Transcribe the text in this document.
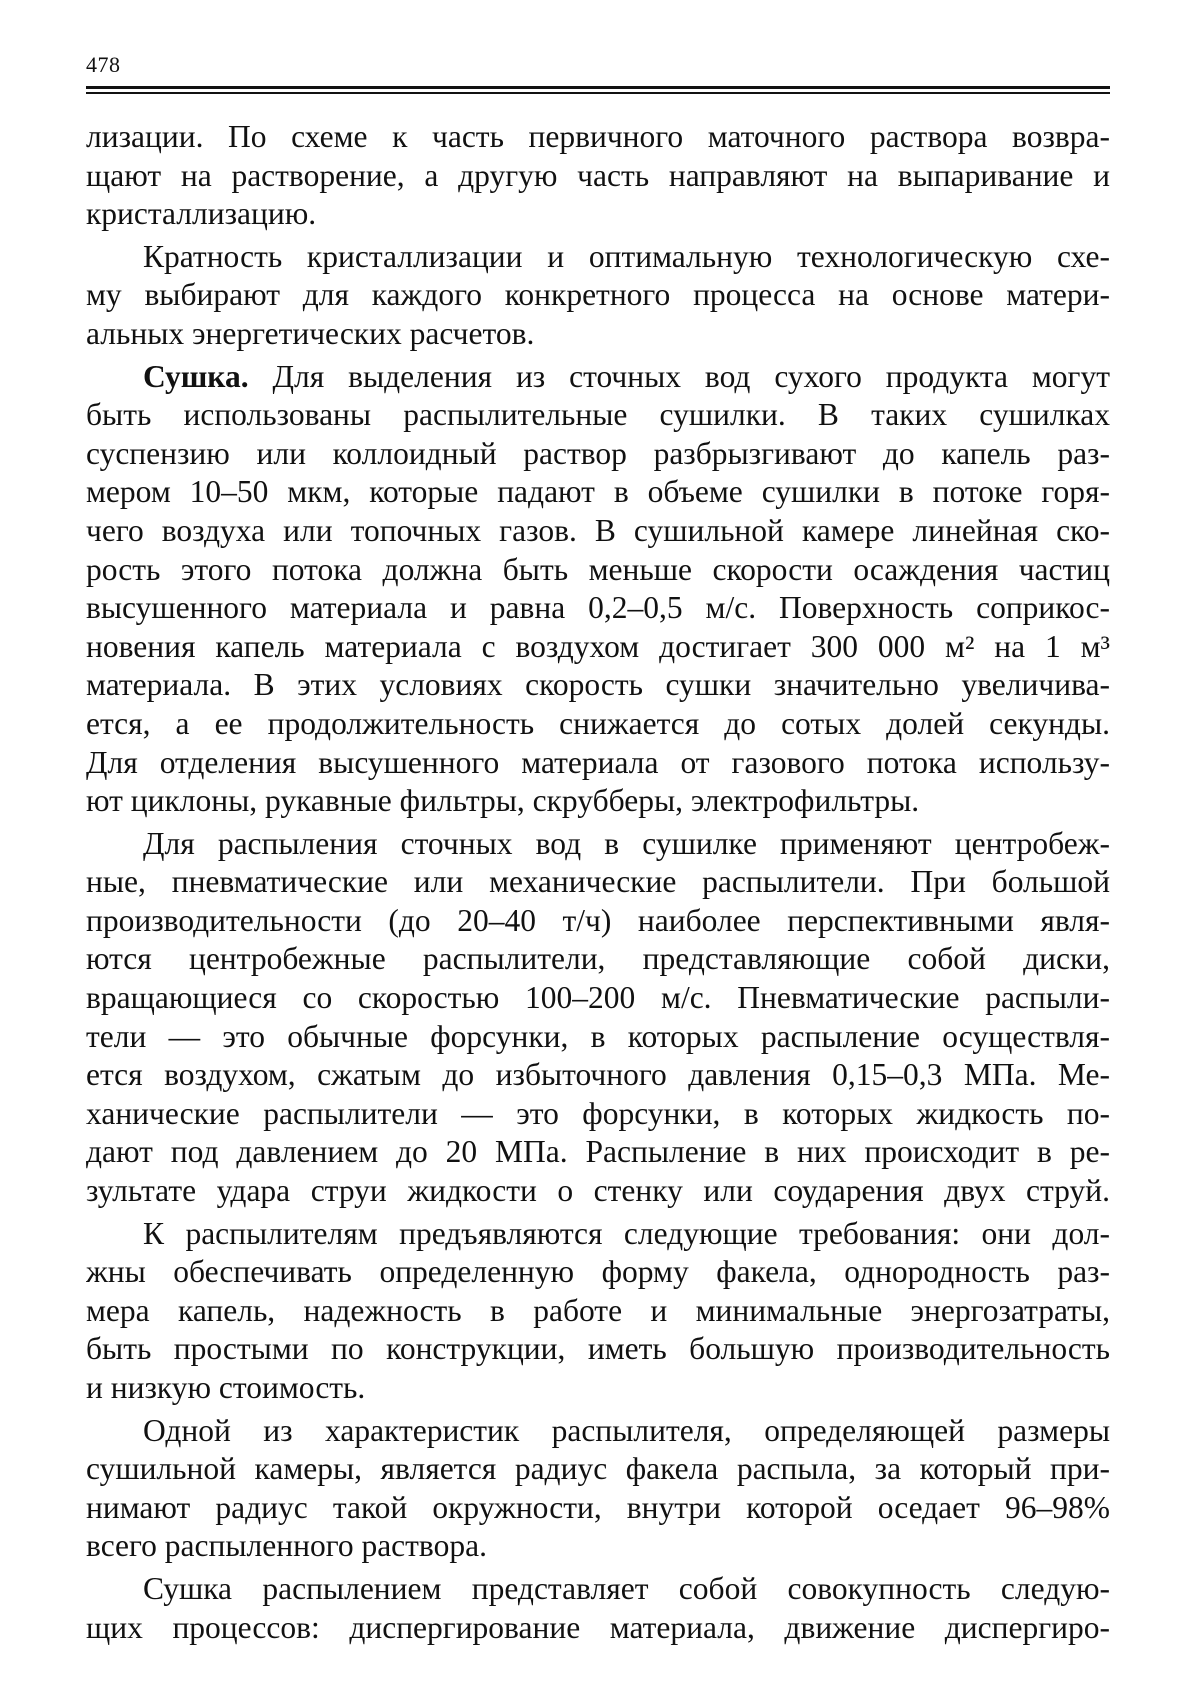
478
лизации. По схеме к часть первичного маточного раствора возвра-
щают на растворение, а другую часть направляют на выпаривание и
кристаллизацию.
Кратность кристаллизации и оптимальную технологическую схе-
му выбирают для каждого конкретного процесса на основе матери-
альных энергетических расчетов.
Сушка. Для выделения из сточных вод сухого продукта могут
быть использованы распылительные сушилки. В таких сушилках
суспензию или коллоидный раствор разбрызгивают до капель раз-
мером 10–50 мкм, которые падают в объеме сушилки в потоке горя-
чего воздуха или топочных газов. В сушильной камере линейная ско-
рость этого потока должна быть меньше скорости осаждения частиц
высушенного материала и равна 0,2–0,5 м/с. Поверхность соприкос-
новения капель материала с воздухом достигает 300 000 м² на 1 м³
материала. В этих условиях скорость сушки значительно увеличива-
ется, а ее продолжительность снижается до сотых долей секунды.
Для отделения высушенного материала от газового потока использу-
ют циклоны, рукавные фильтры, скрубберы, электрофильтры.
Для распыления сточных вод в сушилке применяют центробеж-
ные, пневматические или механические распылители. При большой
производительности (до 20–40 т/ч) наиболее перспективными явля-
ются центробежные распылители, представляющие собой диски,
вращающиеся со скоростью 100–200 м/с. Пневматические распыли-
тели — это обычные форсунки, в которых распыление осуществля-
ется воздухом, сжатым до избыточного давления 0,15–0,3 МПа. Ме-
ханические распылители — это форсунки, в которых жидкость по-
дают под давлением до 20 МПа. Распыление в них происходит в ре-
зультате удара струи жидкости о стенку или соударения двух струй.
К распылителям предъявляются следующие требования: они дол-
жны обеспечивать определенную форму факела, однородность раз-
мера капель, надежность в работе и минимальные энергозатраты,
быть простыми по конструкции, иметь большую производительность
и низкую стоимость.
Одной из характеристик распылителя, определяющей размеры
сушильной камеры, является радиус факела распыла, за который при-
нимают радиус такой окружности, внутри которой оседает 96–98%
всего распыленного раствора.
Сушка распылением представляет собой совокупность следую-
щих процессов: диспергирование материала, движение диспергиро-
